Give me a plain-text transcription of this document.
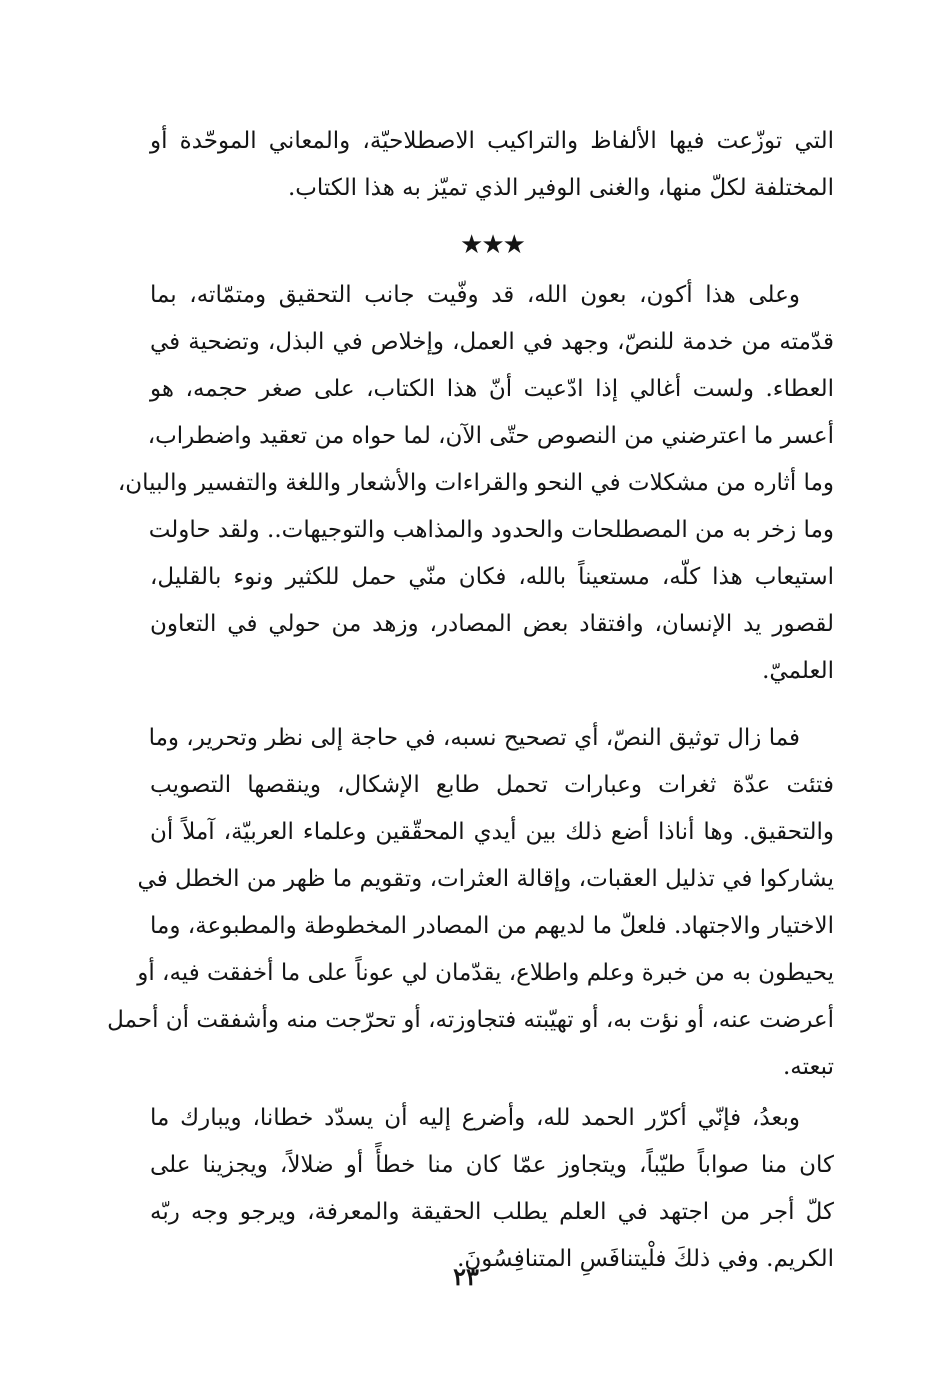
التي توزّعت فيها الألفاظ والتراكيب الاصطلاحيّة، والمعاني الموحّدة أو
المختلفة لكلّ منها، والغنى الوفير الذي تميّز به هذا الكتاب.
★★★
وعلى هذا أكون، بعون الله، قد وفّيت جانب التحقيق ومتمّاته، بما
قدّمته من خدمة للنصّ، وجهد في العمل، وإخلاص في البذل، وتضحية في
العطاء. ولست أغالي إذا ادّعيت أنّ هذا الكتاب، على صغر حجمه، هو
أعسر ما اعترضني من النصوص حتّى الآن، لما حواه من تعقيد واضطراب،
وما أثاره من مشكلات في النحو والقراءات والأشعار واللغة والتفسير والبيان،
وما زخر به من المصطلحات والحدود والمذاهب والتوجيهات.. ولقد حاولت
استيعاب هذا كلّه، مستعيناً بالله، فكان منّي حمل للكثير ونوء بالقليل،
لقصور يد الإنسان، وافتقاد بعض المصادر، وزهد من حولي في التعاون
العلميّ.
فما زال توثيق النصّ، أي تصحيح نسبه، في حاجة إلى نظر وتحرير، وما
فتئت عدّة ثغرات وعبارات تحمل طابع الإشكال، وينقصها التصويب
والتحقيق. وها أناذا أضع ذلك بين أيدي المحقّقين وعلماء العربيّة، آملاً أن
يشاركوا في تذليل العقبات، وإقالة العثرات، وتقويم ما ظهر من الخطل في
الاختيار والاجتهاد. فلعلّ ما لديهم من المصادر المخطوطة والمطبوعة، وما
يحيطون به من خبرة وعلم واطلاع، يقدّمان لي عوناً على ما أخفقت فيه، أو
أعرضت عنه، أو نؤت به، أو تهيّبته فتجاوزته، أو تحرّجت منه وأشفقت أن أحمل
تبعته.
وبعدُ، فإنّي أكرّر الحمد لله، وأضرع إليه أن يسدّد خطانا، ويبارك ما
كان منا صواباً طيّباً، ويتجاوز عمّا كان منا خطأً أو ضلالاً، ويجزينا على
كلّ أجر من اجتهد في العلم يطلب الحقيقة والمعرفة، ويرجو وجه ربّه
الكريم. وفي ذلكَ فلْيتنافَسِ المتنافِسُونَ.
٢٣
